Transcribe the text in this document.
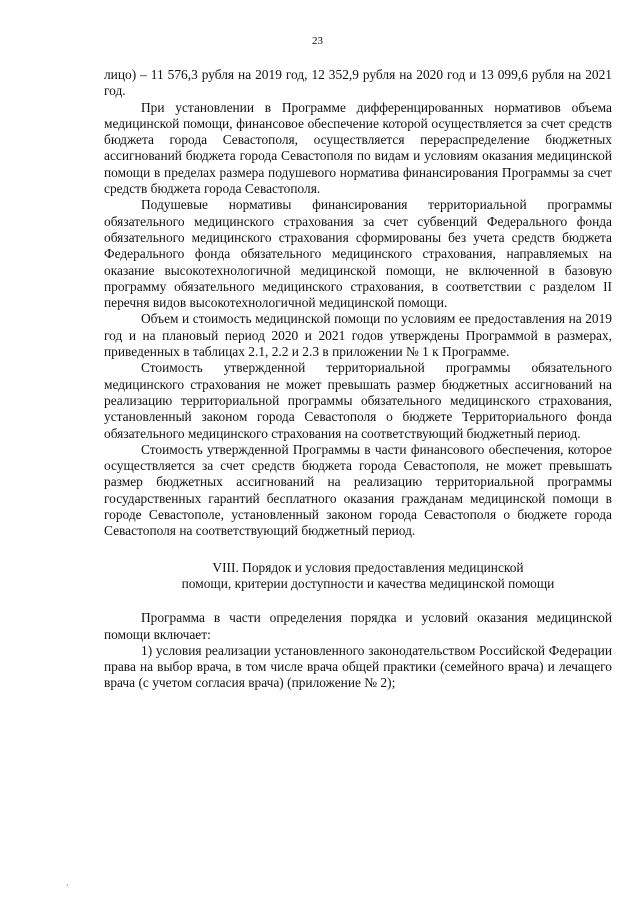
23

лицо) – 11 576,3 рубля на 2019 год, 12 352,9 рубля на 2020 год и 13 099,6 рубля на 2021 год.

При установлении в Программе дифференцированных нормативов объема медицинской помощи, финансовое обеспечение которой осуществляется за счет средств бюджета города Севастополя, осуществляется перераспределение бюджетных ассигнований бюджета города Севастополя по видам и условиям оказания медицинской помощи в пределах размера подушевого норматива финансирования Программы за счет средств бюджета города Севастополя.

Подушевые нормативы финансирования территориальной программы обязательного медицинского страхования за счет субвенций Федерального фонда обязательного медицинского страхования сформированы без учета средств бюджета Федерального фонда обязательного медицинского страхования, направляемых на оказание высокотехнологичной медицинской помощи, не включенной в базовую программу обязательного медицинского страхования, в соответствии с разделом II перечня видов высокотехнологичной медицинской помощи.

Объем и стоимость медицинской помощи по условиям ее предоставления на 2019 год и на плановый период 2020 и 2021 годов утверждены Программой в размерах, приведенных в таблицах 2.1, 2.2 и 2.3 в приложении № 1 к Программе.

Стоимость утвержденной территориальной программы обязательного медицинского страхования не может превышать размер бюджетных ассигнований на реализацию территориальной программы обязательного медицинского страхования, установленный законом города Севастополя о бюджете Территориального фонда обязательного медицинского страхования на соответствующий бюджетный период.

Стоимость утвержденной Программы в части финансового обеспечения, которое осуществляется за счет средств бюджета города Севастополя, не может превышать размер бюджетных ассигнований на реализацию территориальной программы государственных гарантий бесплатного оказания гражданам медицинской помощи в городе Севастополе, установленный законом города Севастополя о бюджете города Севастополя на соответствующий бюджетный период.

VIII. Порядок и условия предоставления медицинской

помощи, критерии доступности и качества медицинской помощи

Программа в части определения порядка и условий оказания медицинской помощи включает:

1) условия реализации установленного законодательством Российской Федерации права на выбор врача, в том числе врача общей практики (семейного врача) и лечащего врача (с учетом согласия врача) (приложение № 2);

ˏ
